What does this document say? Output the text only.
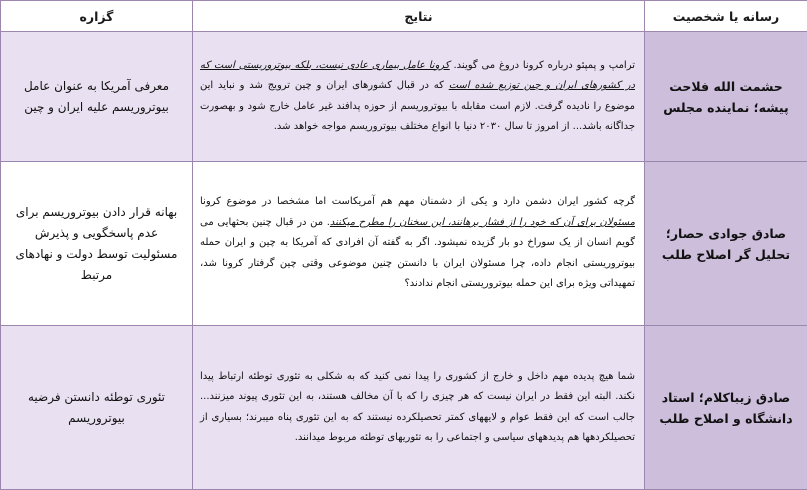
رسانه یا شخصیت	نتایج	گزاره
حشمت الله فلاحت پیشه؛ نماینده مجلس	ترامپ و پمپئو درباره کرونا دروغ می گویند. کرونا عامل بیماری عادی نیست، بلکه بیوتروریستی است که در کشورهای ایران و چین توزیع شده است که در قبال کشورهای ایران و چین ترویج شد و نباید این موضوع را نادیده گرفت. لازم است مقابله با بیوتروریسم از حوزه پدافند غیر عامل خارج شود و بهصورت جداگانه باشد... از امروز تا سال ۲۰۳۰ دنیا با انواع مختلف بیوتروریسم مواجه خواهد شد.	معرفی آمریکا به عنوان عامل بیوتروریسم علیه ایران و چین
صادق جوادی حصار؛ تحلیل گر اصلاح طلب	گرچه کشور ایران دشمن دارد و یکی از دشمنان مهم هم آمریکاست اما مشخصا در موضوع کرونا مسئولان برای آن که خود را از فشار برهانند، این سخنان را مطرح میکنند. من در قبال چنین بحثهایی می گویم انسان از یک سوراخ دو بار گزیده نمیشود. اگر به گفته آن افرادی که آمریکا به چین و ایران حمله بیوتروریستی انجام داده، چرا مسئولان ایران با دانستن چنین موضوعی وقتی چین گرفتار کرونا شد، تمهیداتی ویژه برای این حمله بیوتروریستی انجام ندادند؟	بهانه قرار دادن بیوتروریسم برای عدم پاسخگویی و پذیرش مسئولیت توسط دولت و نهادهای مرتبط
صادق زیباکلام؛ استاد دانشگاه و اصلاح طلب	شما هیچ پدیده مهم داخل و خارج از کشوری را پیدا نمی کنید که به شکلی به تئوری توطئه ارتباط پیدا نکند. البته این فقط در ایران نیست که هر چیزی را که با آن مخالف هستند، به این تئوری پیوند میزنند... جالب است که این فقط عوام و لایههای کمتر تحصیلکرده نیستند که به این تئوری پناه میبرند؛ بسیاری از تحصیلکردهها هم پدیدههای سیاسی و اجتماعی را به تئوریهای توطئه مربوط میدانند.	تئوری توطئه دانستن فرضیه بیوتروریسم
